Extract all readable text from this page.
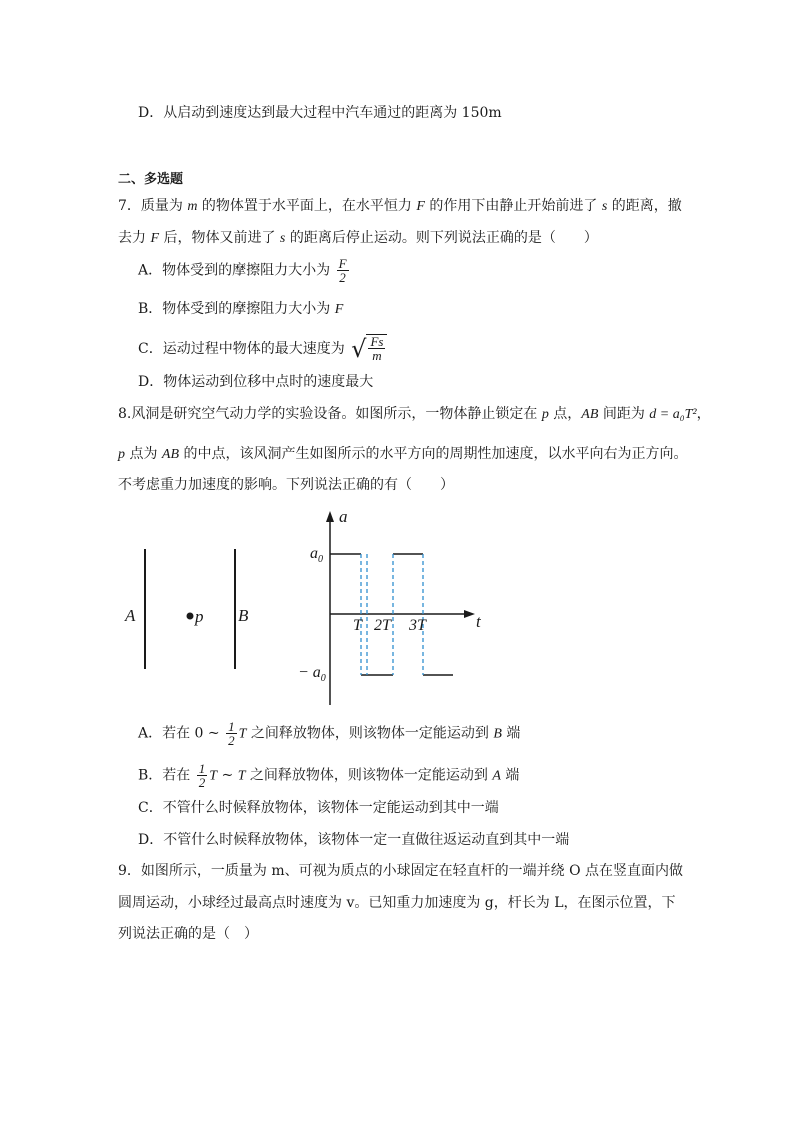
D．从启动到速度达到最大过程中汽车通过的距离为 150m
二、多选题
7．质量为 m 的物体置于水平面上，在水平恒力 F 的作用下由静止开始前进了 s 的距离，撤
去力 F 后，物体又前进了 s 的距离后停止运动。则下列说法正确的是（　　）
A．物体受到的摩擦阻力大小为 $\frac{F}{2}$
B．物体受到的摩擦阻力大小为 F
C．运动过程中物体的最大速度为 √ $\frac{Fs}{m}$
D．物体运动到位移中点时的速度最大
8.风洞是研究空气动力学的实验设备。如图所示，一物体静止锁定在 p 点，AB 间距为 d = a₀T²，
p 点为 AB 的中点，该风洞产生如图所示的水平方向的周期性加速度，以水平向右为正方向。
不考虑重力加速度的影响。下列说法正确的有（　　）
A	p B
a
t
$a_0$
− $a_0$
T 2T 3T
A．若在 0 ~ $\frac{1}{2}$ T 之间释放物体，则该物体一定能运动到 B 端
B．若在 $\frac{1}{2}$ T ~ T 之间释放物体，则该物体一定能运动到 A 端
C．不管什么时候释放物体，该物体一定能运动到其中一端
D．不管什么时候释放物体，该物体一定一直做往返运动直到其中一端
9．如图所示，一质量为 m、可视为质点的小球固定在轻直杆的一端并绕 O 点在竖直面内做
圆周运动，小球经过最高点时速度为 v。已知重力加速度为 g，杆长为 L，在图示位置，下
列说法正确的是（　）
